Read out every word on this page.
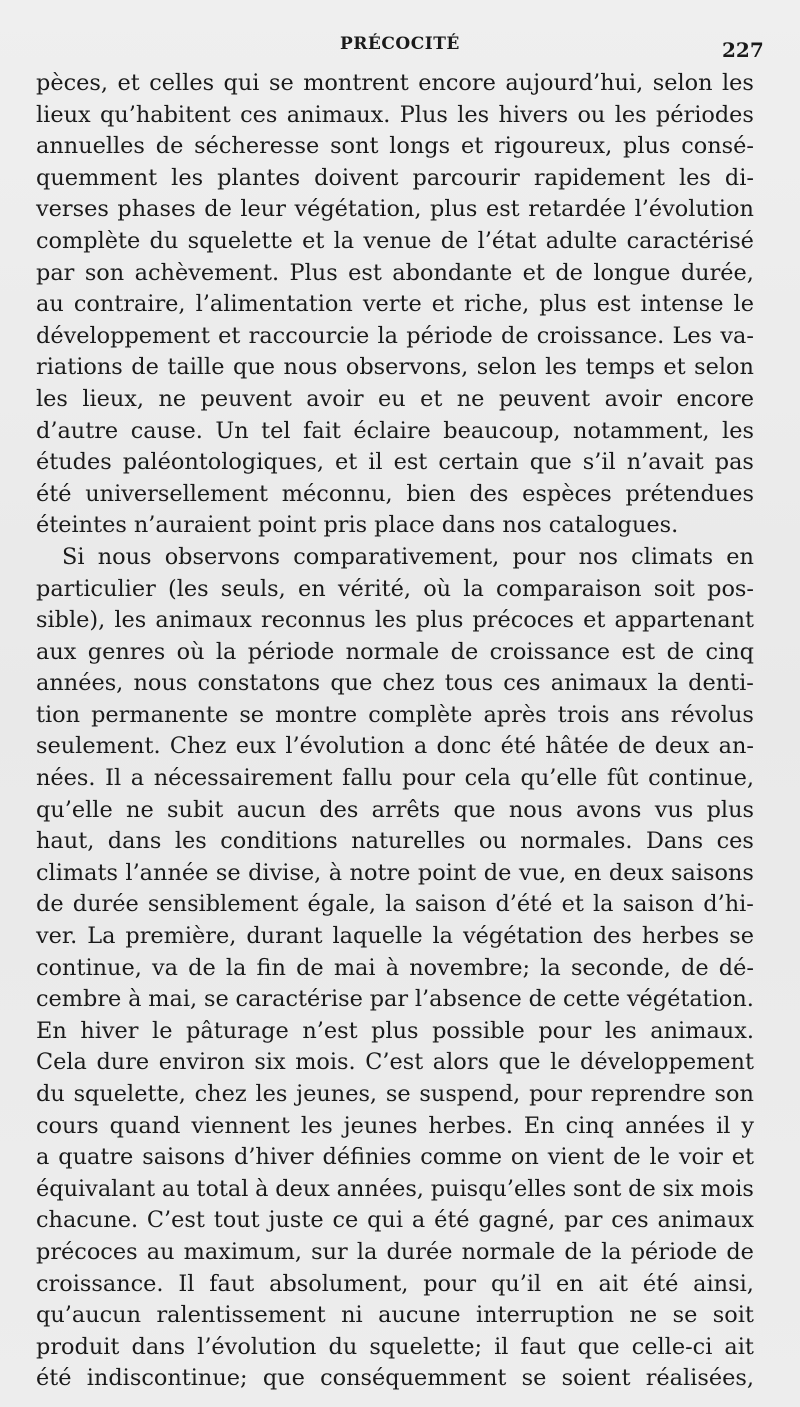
PRÉCOCITÉ	227
pèces, et celles qui se montrent encore aujourd’hui, selon les
lieux qu’habitent ces animaux. Plus les hivers ou les périodes
annuelles de sécheresse sont longs et rigoureux, plus consé-
quemment les plantes doivent parcourir rapidement les di-
verses phases de leur végétation, plus est retardée l’évolution
complète du squelette et la venue de l’état adulte caractérisé
par son achèvement. Plus est abondante et de longue durée,
au contraire, l’alimentation verte et riche, plus est intense le
développement et raccourcie la période de croissance. Les va-
riations de taille que nous observons, selon les temps et selon
les lieux, ne peuvent avoir eu et ne peuvent avoir encore
d’autre cause. Un tel fait éclaire beaucoup, notamment, les
études paléontologiques, et il est certain que s’il n’avait pas
été universellement méconnu, bien des espèces prétendues
éteintes n’auraient point pris place dans nos catalogues.
Si nous observons comparativement, pour nos climats en
particulier (les seuls, en vérité, où la comparaison soit pos-
sible), les animaux reconnus les plus précoces et appartenant
aux genres où la période normale de croissance est de cinq
années, nous constatons que chez tous ces animaux la denti-
tion permanente se montre complète après trois ans révolus
seulement. Chez eux l’évolution a donc été hâtée de deux an-
nées. Il a nécessairement fallu pour cela qu’elle fût continue,
qu’elle ne subit aucun des arrêts que nous avons vus plus
haut, dans les conditions naturelles ou normales. Dans ces
climats l’année se divise, à notre point de vue, en deux saisons
de durée sensiblement égale, la saison d’été et la saison d’hi-
ver. La première, durant laquelle la végétation des herbes se
continue, va de la fin de mai à novembre; la seconde, de dé-
cembre à mai, se caractérise par l’absence de cette végétation.
En hiver le pâturage n’est plus possible pour les animaux.
Cela dure environ six mois. C’est alors que le développement
du squelette, chez les jeunes, se suspend, pour reprendre son
cours quand viennent les jeunes herbes. En cinq années il y
a quatre saisons d’hiver définies comme on vient de le voir et
équivalant au total à deux années, puisqu’elles sont de six mois
chacune. C’est tout juste ce qui a été gagné, par ces animaux
précoces au maximum, sur la durée normale de la période de
croissance. Il faut absolument, pour qu’il en ait été ainsi,
qu’aucun ralentissement ni aucune interruption ne se soit
produit dans l’évolution du squelette; il faut que celle-ci ait
été indiscontinue; que conséquemment se soient réalisées,
